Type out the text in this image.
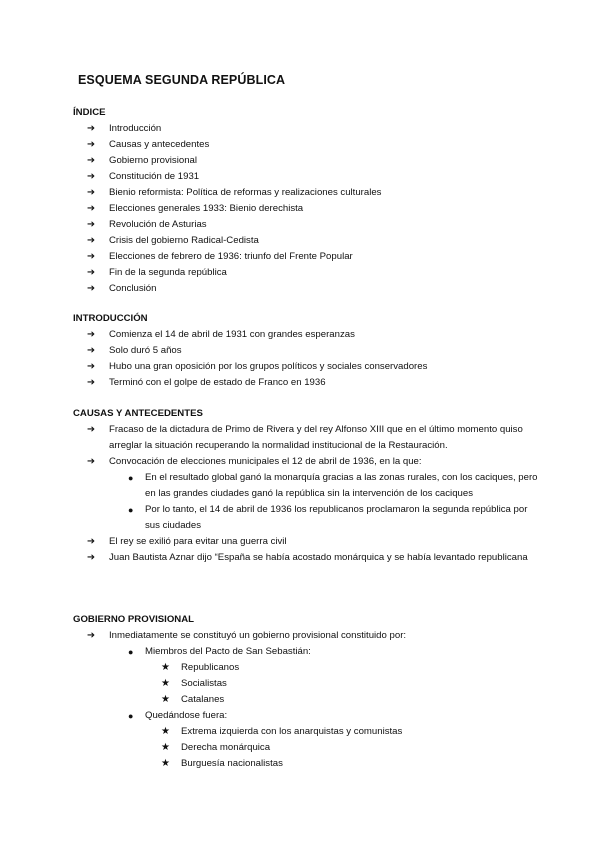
ESQUEMA SEGUNDA REPÚBLICA
ÍNDICE
➔	Introducción
➔	Causas y antecedentes
➔	Gobierno provisional
➔	Constitución de 1931
➔	Bienio reformista: Política de reformas y realizaciones culturales
➔	Elecciones generales 1933: Bienio derechista
➔	Revolución de Asturias
➔	Crisis del gobierno Radical-Cedista
➔	Elecciones de febrero de 1936: triunfo del Frente Popular
➔	Fin de la segunda república
➔	Conclusión
INTRODUCCIÓN
➔	Comienza el 14 de abril de 1931 con grandes esperanzas
➔	Solo duró 5 años
➔	Hubo una gran oposición por los grupos políticos y sociales conservadores
➔	Terminó con el golpe de estado de Franco en 1936
CAUSAS Y ANTECEDENTES
➔	Fracaso de la dictadura de Primo de Rivera y del rey Alfonso XIII que en el último momento quiso arreglar la situación recuperando la normalidad institucional de la Restauración.
➔	Convocación de elecciones municipales el 12 de abril de 1936, en la que:
● En el resultado global ganó la monarquía gracias a las zonas rurales, con los caciques, pero en las grandes ciudades ganó la república sin la intervención de los caciques
● Por lo tanto, el 14 de abril de 1936 los republicanos proclamaron la segunda república por sus ciudades
➔	El rey se exilió para evitar una guerra civil
➔	Juan Bautista Aznar dijo “España se había acostado monárquica y se había levantado republicana
GOBIERNO PROVISIONAL
➔	Inmediatamente se constituyó un gobierno provisional constituido por:
● Miembros del Pacto de San Sebastián:
★ Republicanos
★ Socialistas
★ Catalanes
● Quedándose fuera:
★ Extrema izquierda con los anarquistas y comunistas
★ Derecha monárquica
★ Burguesía nacionalistas
